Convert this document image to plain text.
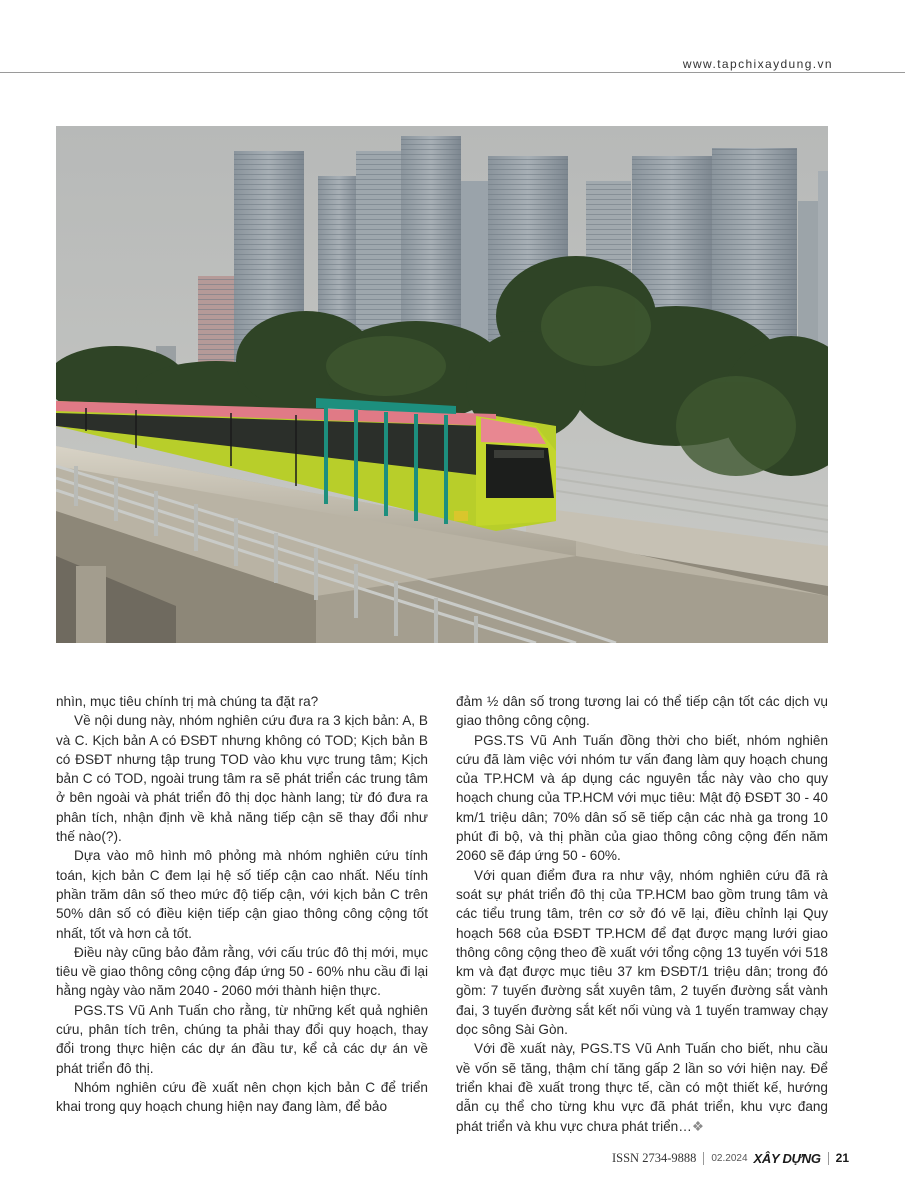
www.tapchixaydung.vn

nhìn, mục tiêu chính trị mà chúng ta đặt ra?

Về nội dung này, nhóm nghiên cứu đưa ra 3 kịch bản: A, B và C. Kịch bản A có ĐSĐT nhưng không có TOD; Kịch bản B có ĐSĐT nhưng tập trung TOD vào khu vực trung tâm; Kịch bản C có TOD, ngoài trung tâm ra sẽ phát triển các trung tâm ở bên ngoài và phát triển đô thị dọc hành lang; từ đó đưa ra phân tích, nhận định về khả năng tiếp cận sẽ thay đổi như thế nào(?).

Dựa vào mô hình mô phỏng mà nhóm nghiên cứu tính toán, kịch bản C đem lại hệ số tiếp cận cao nhất. Nếu tính phần trăm dân số theo mức độ tiếp cận, với kịch bản C trên 50% dân số có điều kiện tiếp cận giao thông công cộng tốt nhất, tốt và hơn cả tốt.

Điều này cũng bảo đảm rằng, với cấu trúc đô thị mới, mục tiêu về giao thông công cộng đáp ứng 50 - 60% nhu cầu đi lại hằng ngày vào năm 2040 - 2060 mới thành hiện thực.

PGS.TS Vũ Anh Tuấn cho rằng, từ những kết quả nghiên cứu, phân tích trên, chúng ta phải thay đổi quy hoạch, thay đổi trong thực hiện các dự án đầu tư, kể cả các dự án về phát triển đô thị.

Nhóm nghiên cứu đề xuất nên chọn kịch bản C để triển khai trong quy hoạch chung hiện nay đang làm, để bảo

đảm ½ dân số trong tương lai có thể tiếp cận tốt các dịch vụ giao thông công cộng.

PGS.TS Vũ Anh Tuấn đồng thời cho biết, nhóm nghiên cứu đã làm việc với nhóm tư vấn đang làm quy hoạch chung của TP.HCM và áp dụng các nguyên tắc này vào cho quy hoạch chung của TP.HCM với mục tiêu: Mật độ ĐSĐT 30 - 40 km/1 triệu dân; 70% dân số sẽ tiếp cận các nhà ga trong 10 phút đi bộ, và thị phần của giao thông công cộng đến năm 2060 sẽ đáp ứng 50 - 60%.

Với quan điểm đưa ra như vậy, nhóm nghiên cứu đã rà soát sự phát triển đô thị của TP.HCM bao gồm trung tâm và các tiểu trung tâm, trên cơ sở đó vẽ lại, điều chỉnh lại Quy hoạch 568 của ĐSĐT TP.HCM để đạt được mạng lưới giao thông công cộng theo đề xuất với tổng cộng 13 tuyến với 518 km và đạt được mục tiêu 37 km ĐSĐT/1 triệu dân; trong đó gồm: 7 tuyến đường sắt xuyên tâm, 2 tuyến đường sắt vành đai, 3 tuyến đường sắt kết nối vùng và 1 tuyến tramway chạy dọc sông Sài Gòn.

Với đề xuất này, PGS.TS Vũ Anh Tuấn cho biết, nhu cầu về vốn sẽ tăng, thậm chí tăng gấp 2 lần so với hiện nay. Để triển khai đề xuất trong thực tế, cần có một thiết kế, hướng dẫn cụ thể cho từng khu vực đã phát triển, khu vực đang phát triển và khu vực chưa phát triển…❖

ISSN 2734-9888 02.2024 XÂY DỰNG 21
